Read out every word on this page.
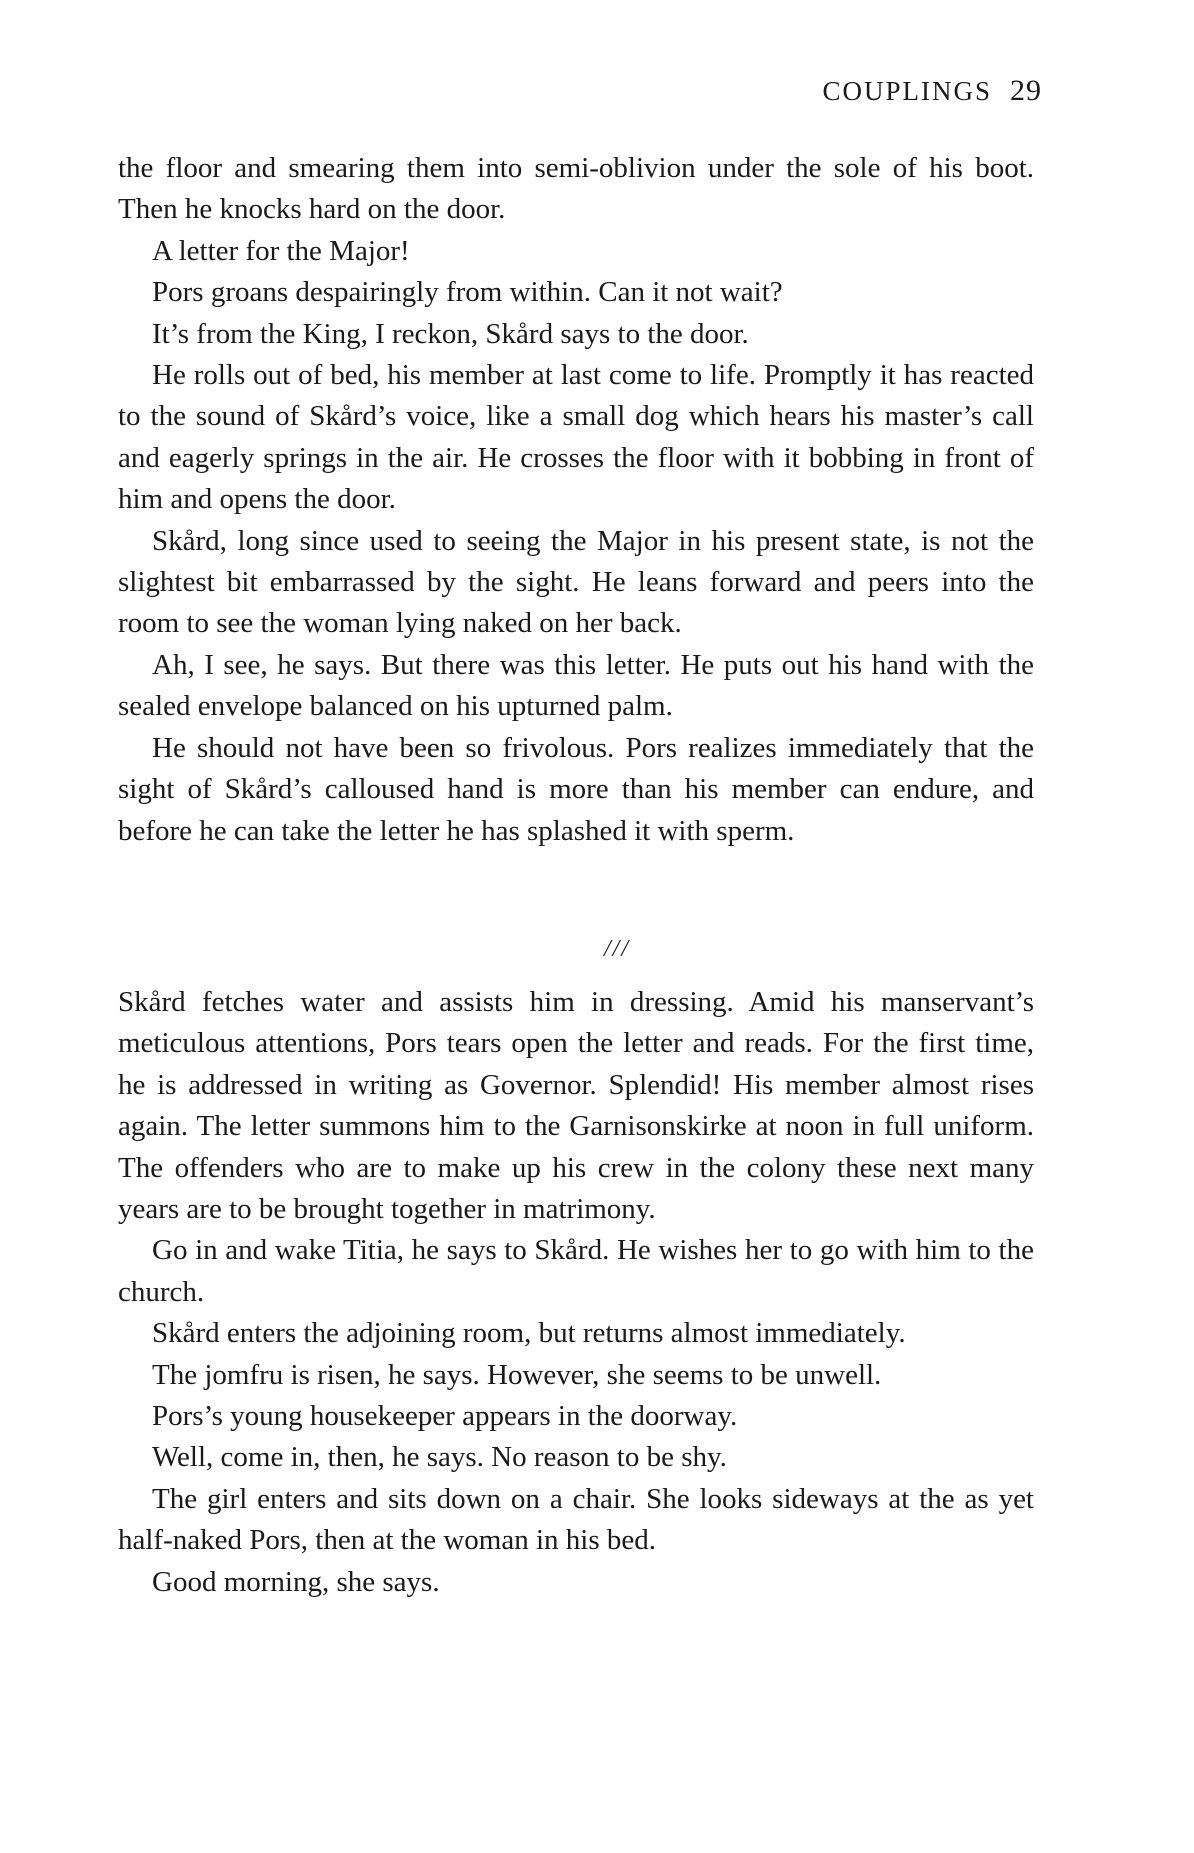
COUPLINGS 29

the floor and smearing them into semi-oblivion under the sole of his boot. Then he knocks hard on the door.

A letter for the Major!

Pors groans despairingly from within. Can it not wait?

It’s from the King, I reckon, Skård says to the door.

He rolls out of bed, his member at last come to life. Promptly it has reacted to the sound of Skård’s voice, like a small dog which hears his master’s call and eagerly springs in the air. He crosses the floor with it bobbing in front of him and opens the door.

Skård, long since used to seeing the Major in his present state, is not the slightest bit embarrassed by the sight. He leans forward and peers into the room to see the woman lying naked on her back.

Ah, I see, he says. But there was this letter. He puts out his hand with the sealed envelope balanced on his upturned palm.

He should not have been so frivolous. Pors realizes immediately that the sight of Skård’s calloused hand is more than his member can endure, and before he can take the letter he has splashed it with sperm.

///

Skård fetches water and assists him in dressing. Amid his manservant’s meticulous attentions, Pors tears open the letter and reads. For the first time, he is addressed in writing as Governor. Splendid! His member almost rises again. The letter summons him to the Garnisonskirke at noon in full uniform. The offenders who are to make up his crew in the colony these next many years are to be brought together in matrimony.

Go in and wake Titia, he says to Skård. He wishes her to go with him to the church.

Skård enters the adjoining room, but returns almost immediately.

The jomfru is risen, he says. However, she seems to be unwell.

Pors’s young housekeeper appears in the doorway.

Well, come in, then, he says. No reason to be shy.

The girl enters and sits down on a chair. She looks sideways at the as yet half-naked Pors, then at the woman in his bed.

Good morning, she says.
